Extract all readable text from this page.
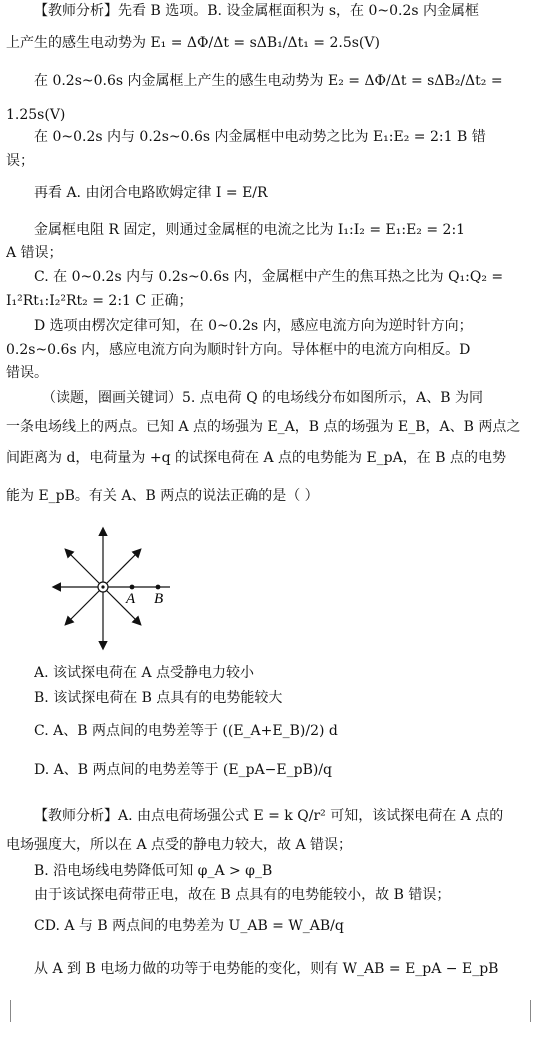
【教师分析】先看 B 选项。B. 设金属框面积为 s，在 0~0.2s 内金属框
上产生的感生电动势为 E₁ = ΔΦ/Δt = sΔB₁/Δt₁ = 2.5s(V)
在 0.2s~0.6s 内金属框上产生的感生电动势为 E₂ = ΔΦ/Δt = sΔB₂/Δt₂ =
1.25s(V)
在 0~0.2s 内与 0.2s~0.6s 内金属框中电动势之比为 E₁:E₂ = 2:1 B 错
误；
再看 A. 由闭合电路欧姆定律 I = E/R
金属框电阻 R 固定，则通过金属框的电流之比为 I₁:I₂ = E₁:E₂ = 2:1
A 错误；
C. 在 0~0.2s 内与 0.2s~0.6s 内，金属框中产生的焦耳热之比为 Q₁:Q₂ =
I₁²Rt₁:I₂²Rt₂ = 2:1 C 正确；
D 选项由楞次定律可知，在 0~0.2s 内，感应电流方向为逆时针方向；
0.2s~0.6s 内，感应电流方向为顺时针方向。导体框中的电流方向相反。D
错误。
（读题，圈画关键词）5. 点电荷 Q 的电场线分布如图所示，A、B 为同
一条电场线上的两点。已知 A 点的场强为 E_A，B 点的场强为 E_B，A、B 两点之
间距离为 d，电荷量为 +q 的试探电荷在 A 点的电势能为 E_pA，在 B 点的电势
能为 E_pB。有关 A、B 两点的说法正确的是（ ）
A B
A. 该试探电荷在 A 点受静电力较小
B. 该试探电荷在 B 点具有的电势能较大
C. A、B 两点间的电势差等于 ((E_A+E_B)/2) d
D. A、B 两点间的电势差等于 (E_pA−E_pB)/q
【教师分析】A. 由点电荷场强公式 E = k Q/r² 可知，该试探电荷在 A 点的
电场强度大，所以在 A 点受的静电力较大，故 A 错误；
B. 沿电场线电势降低可知 φ_A > φ_B
由于该试探电荷带正电，故在 B 点具有的电势能较小，故 B 错误；
CD. A 与 B 两点间的电势差为 U_AB = W_AB/q
从 A 到 B 电场力做的功等于电势能的变化，则有 W_AB = E_pA − E_pB
